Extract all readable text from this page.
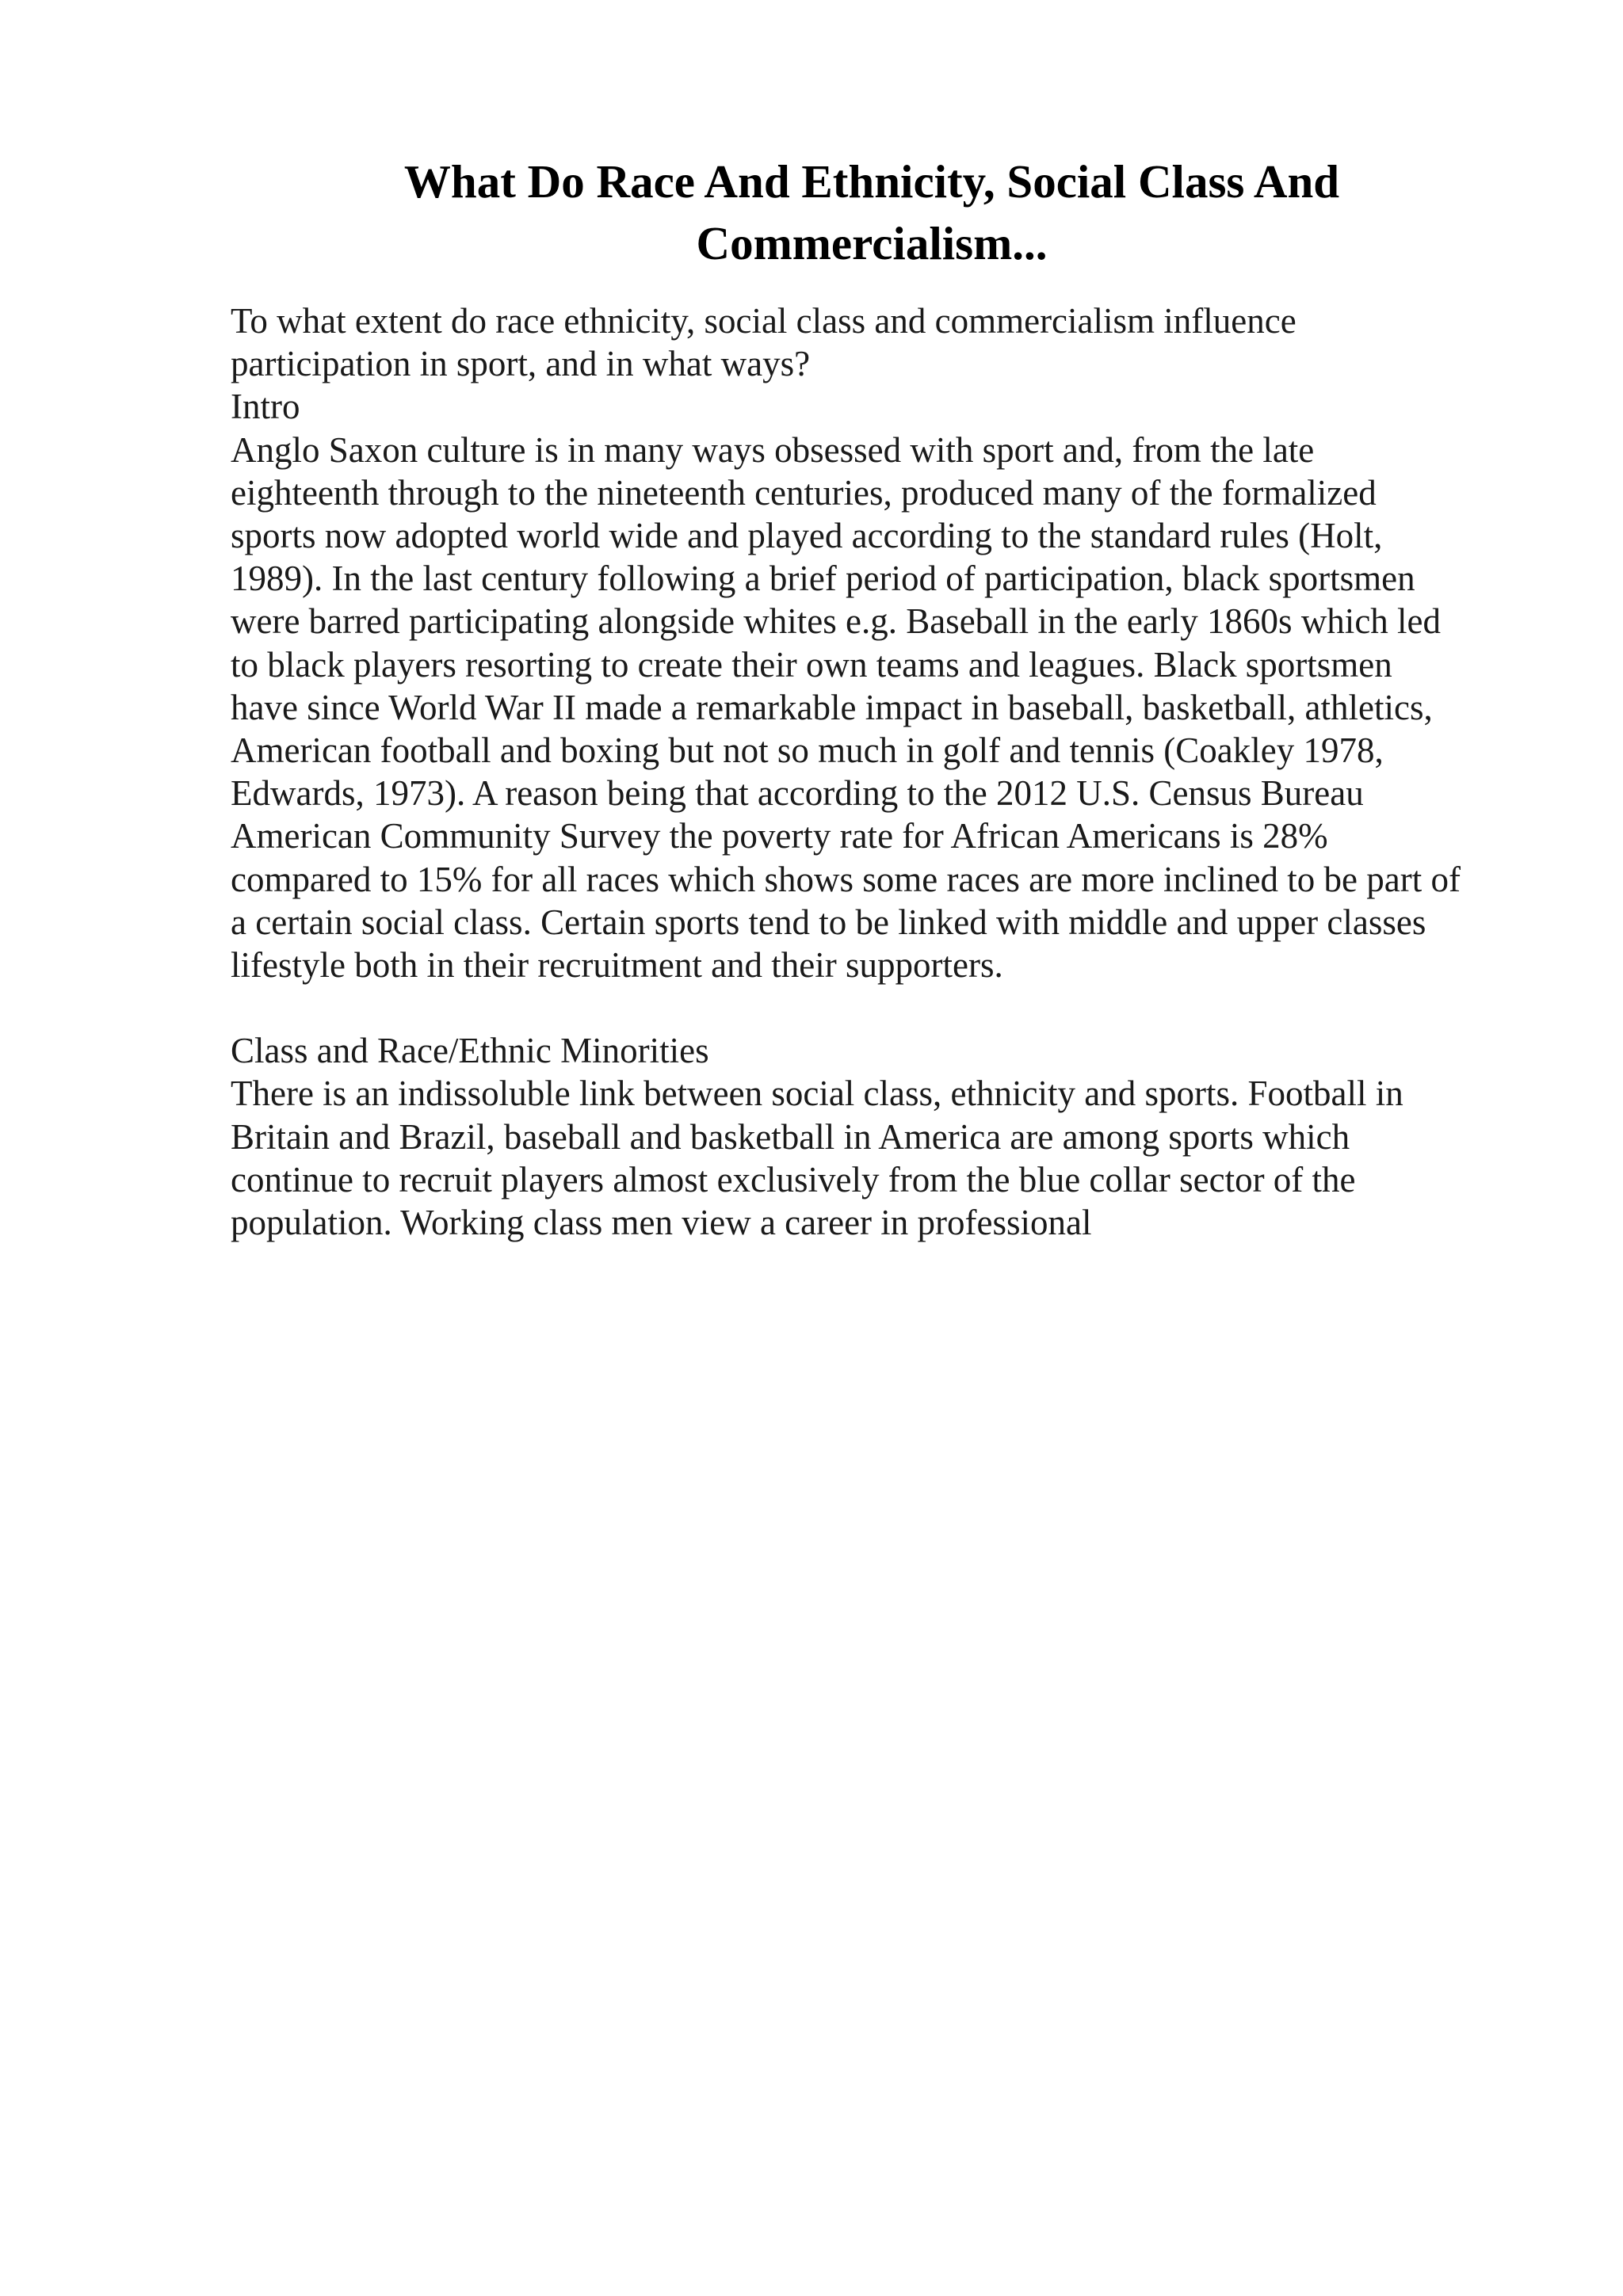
What Do Race And Ethnicity, Social Class And Commercialism...

To what extent do race ethnicity, social class and commercialism influence participation in sport, and in what ways?

Intro

Anglo Saxon culture is in many ways obsessed with sport and, from the late eighteenth through to the nineteenth centuries, produced many of the formalized sports now adopted world wide and played according to the standard rules (Holt, 1989). In the last century following a brief period of participation, black sportsmen were barred participating alongside whites e.g. Baseball in the early 1860s which led to black players resorting to create their own teams and leagues. Black sportsmen have since World War II made a remarkable impact in baseball, basketball, athletics, American football and boxing but not so much in golf and tennis (Coakley 1978, Edwards, 1973). A reason being that according to the 2012 U.S. Census Bureau American Community Survey the poverty rate for African Americans is 28% compared to 15% for all races which shows some races are more inclined to be part of a certain social class. Certain sports tend to be linked with middle and upper classes lifestyle both in their recruitment and their supporters.

Class and Race/Ethnic Minorities

There is an indissoluble link between social class, ethnicity and sports. Football in Britain and Brazil, baseball and basketball in America are among sports which continue to recruit players almost exclusively from the blue collar sector of the population. Working class men view a career in professional
